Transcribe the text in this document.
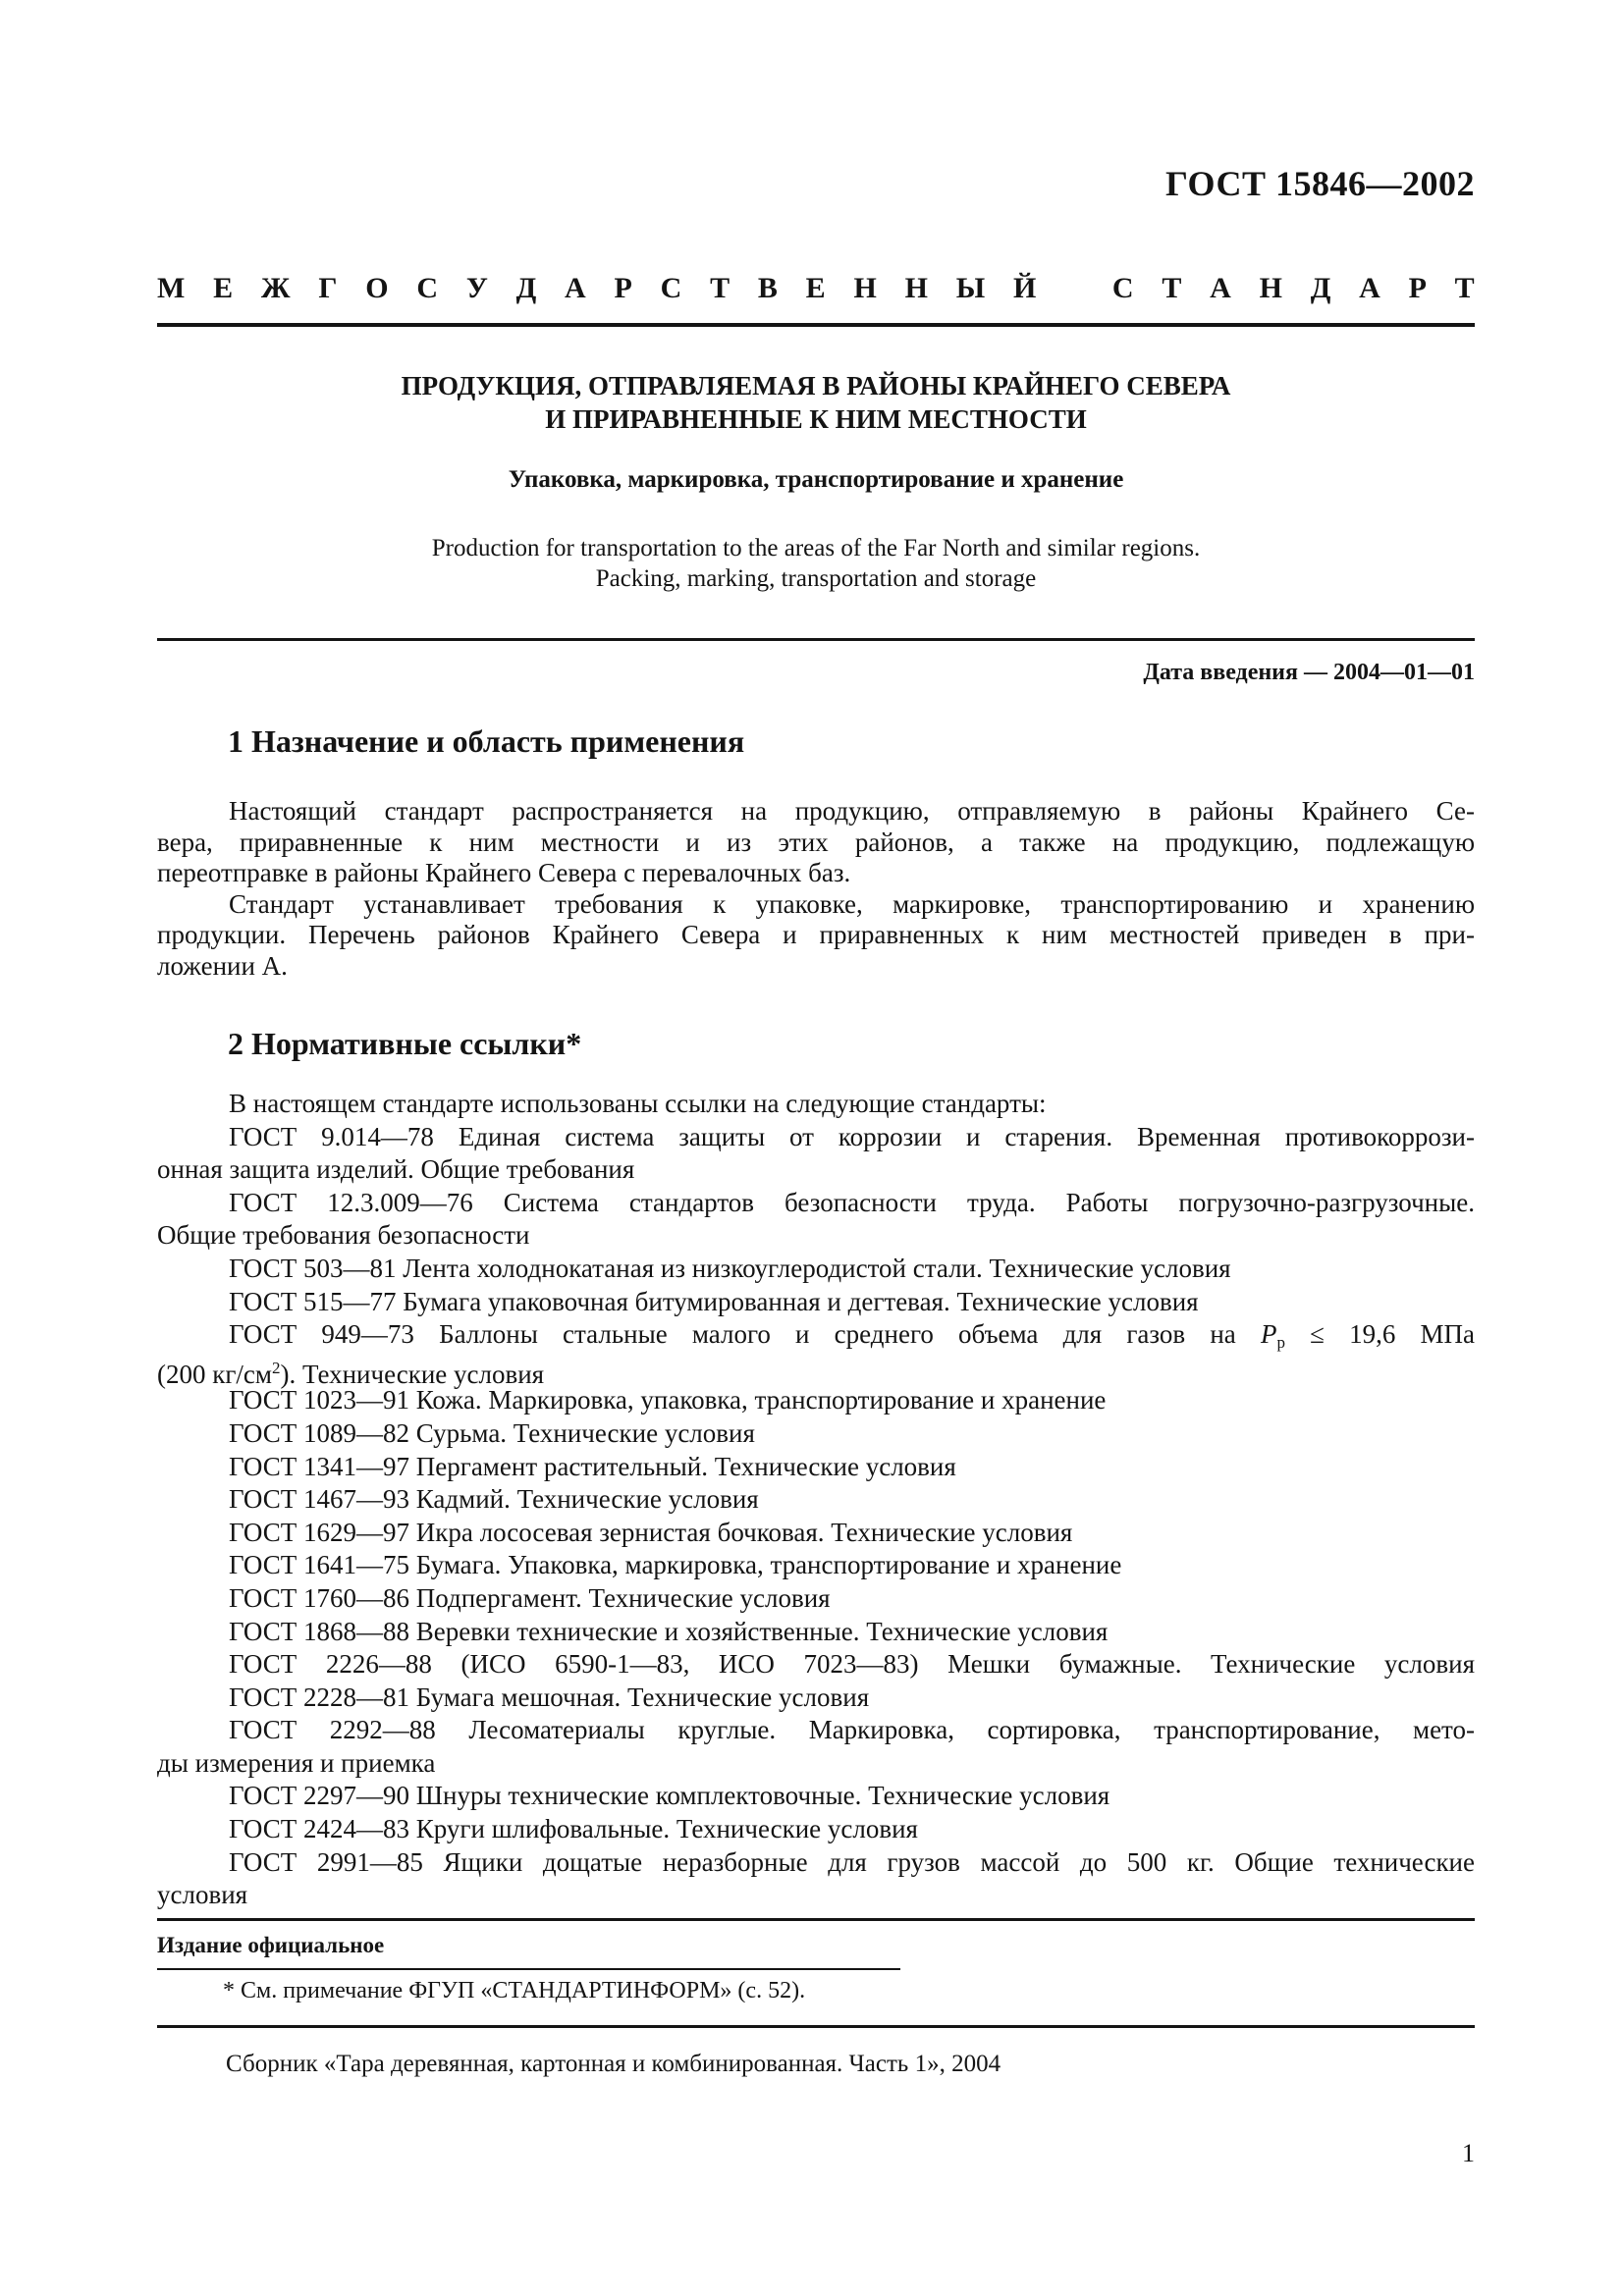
ГОСТ 15846—2002
М Е Ж Г О С У Д А Р С Т В Е Н Н Ы Й	С Т А Н Д А Р Т
ПРОДУКЦИЯ, ОТПРАВЛЯЕМАЯ В РАЙОНЫ КРАЙНЕГО СЕВЕРА
И ПРИРАВНЕННЫЕ К НИМ МЕСТНОСТИ
Упаковка, маркировка, транспортирование и хранение
Production for transportation to the areas of the Far North and similar regions.
Packing, marking, transportation and storage
Дата введения — 2004—01—01
1 Назначение и область применения
Настоящий стандарт распространяется на продукцию, отправляемую в районы Крайнего Се-
вера, приравненные к ним местности и из этих районов, а также на продукцию, подлежащую
переотправке в районы Крайнего Севера с перевалочных баз.
Стандарт устанавливает требования к упаковке, маркировке, транспортированию и хранению
продукции. Перечень районов Крайнего Севера и приравненных к ним местностей приведен в при-
ложении А.
2 Нормативные ссылки*
В настоящем стандарте использованы ссылки на следующие стандарты:
ГОСТ 9.014—78 Единая система защиты от коррозии и старения. Временная противокоррози-
онная защита изделий. Общие требования
ГОСТ 12.3.009—76 Система стандартов безопасности труда. Работы погрузочно-разгрузочные.
Общие требования безопасности
ГОСТ 503—81 Лента холоднокатаная из низкоуглеродистой стали. Технические условия
ГОСТ 515—77 Бумага упаковочная битумированная и дегтевая. Технические условия
ГОСТ 949—73 Баллоны стальные малого и среднего объема для газов на $P_р \le 19,6$ МПа
(200 $кг/см^2$). Технические условия
ГОСТ 1023—91 Кожа. Маркировка, упаковка, транспортирование и хранение
ГОСТ 1089—82 Сурьма. Технические условия
ГОСТ 1341—97 Пергамент растительный. Технические условия
ГОСТ 1467—93 Кадмий. Технические условия
ГОСТ 1629—97 Икра лососевая зернистая бочковая. Технические условия
ГОСТ 1641—75 Бумага. Упаковка, маркировка, транспортирование и хранение
ГОСТ 1760—86 Подпергамент. Технические условия
ГОСТ 1868—88 Веревки технические и хозяйственные. Технические условия
ГОСТ 2226—88 (ИСО 6590-1—83, ИСО 7023—83) Мешки бумажные. Технические условия
ГОСТ 2228—81 Бумага мешочная. Технические условия
ГОСТ 2292—88 Лесоматериалы круглые. Маркировка, сортировка, транспортирование, мето-
ды измерения и приемка
ГОСТ 2297—90 Шнуры технические комплектовочные. Технические условия
ГОСТ 2424—83 Круги шлифовальные. Технические условия
ГОСТ 2991—85 Ящики дощатые неразборные для грузов массой до 500 кг. Общие технические
условия
Издание официальное
* См. примечание ФГУП «СТАНДАРТИНФОРМ» (с. 52).
Сборник «Тара деревянная, картонная и комбинированная. Часть 1», 2004
1
